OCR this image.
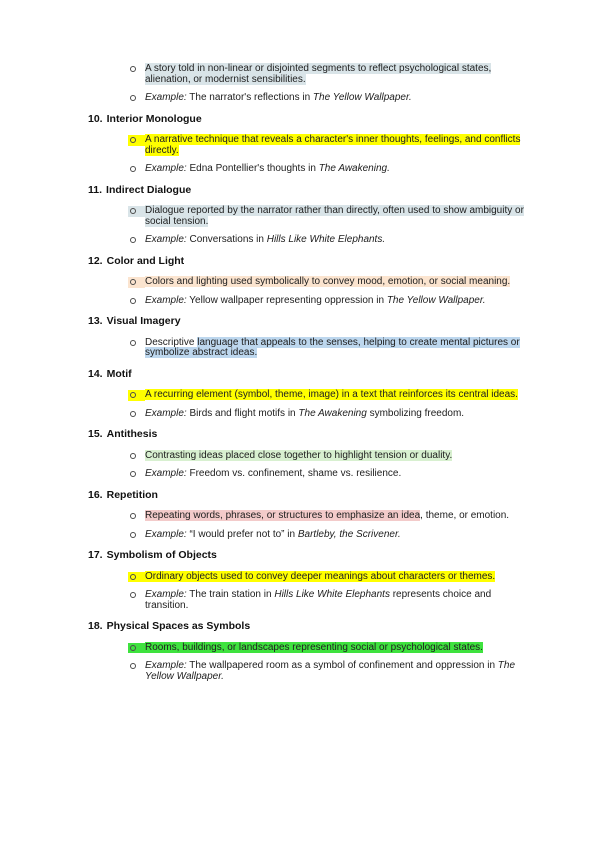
A story told in non-linear or disjointed segments to reflect psychological states, alienation, or modernist sensibilities.
Example: The narrator's reflections in The Yellow Wallpaper.
10. Interior Monologue
A narrative technique that reveals a character's inner thoughts, feelings, and conflicts directly.
Example: Edna Pontellier's thoughts in The Awakening.
11. Indirect Dialogue
Dialogue reported by the narrator rather than directly, often used to show ambiguity or social tension.
Example: Conversations in Hills Like White Elephants.
12. Color and Light
Colors and lighting used symbolically to convey mood, emotion, or social meaning.
Example: Yellow wallpaper representing oppression in The Yellow Wallpaper.
13. Visual Imagery
Descriptive language that appeals to the senses, helping to create mental pictures or symbolize abstract ideas.
14. Motif
A recurring element (symbol, theme, image) in a text that reinforces its central ideas.
Example: Birds and flight motifs in The Awakening symbolizing freedom.
15. Antithesis
Contrasting ideas placed close together to highlight tension or duality.
Example: Freedom vs. confinement, shame vs. resilience.
16. Repetition
Repeating words, phrases, or structures to emphasize an idea, theme, or emotion.
Example: “I would prefer not to” in Bartleby, the Scrivener.
17. Symbolism of Objects
Ordinary objects used to convey deeper meanings about characters or themes.
Example: The train station in Hills Like White Elephants represents choice and transition.
18. Physical Spaces as Symbols
Rooms, buildings, or landscapes representing social or psychological states.
Example: The wallpapered room as a symbol of confinement and oppression in The Yellow Wallpaper.
